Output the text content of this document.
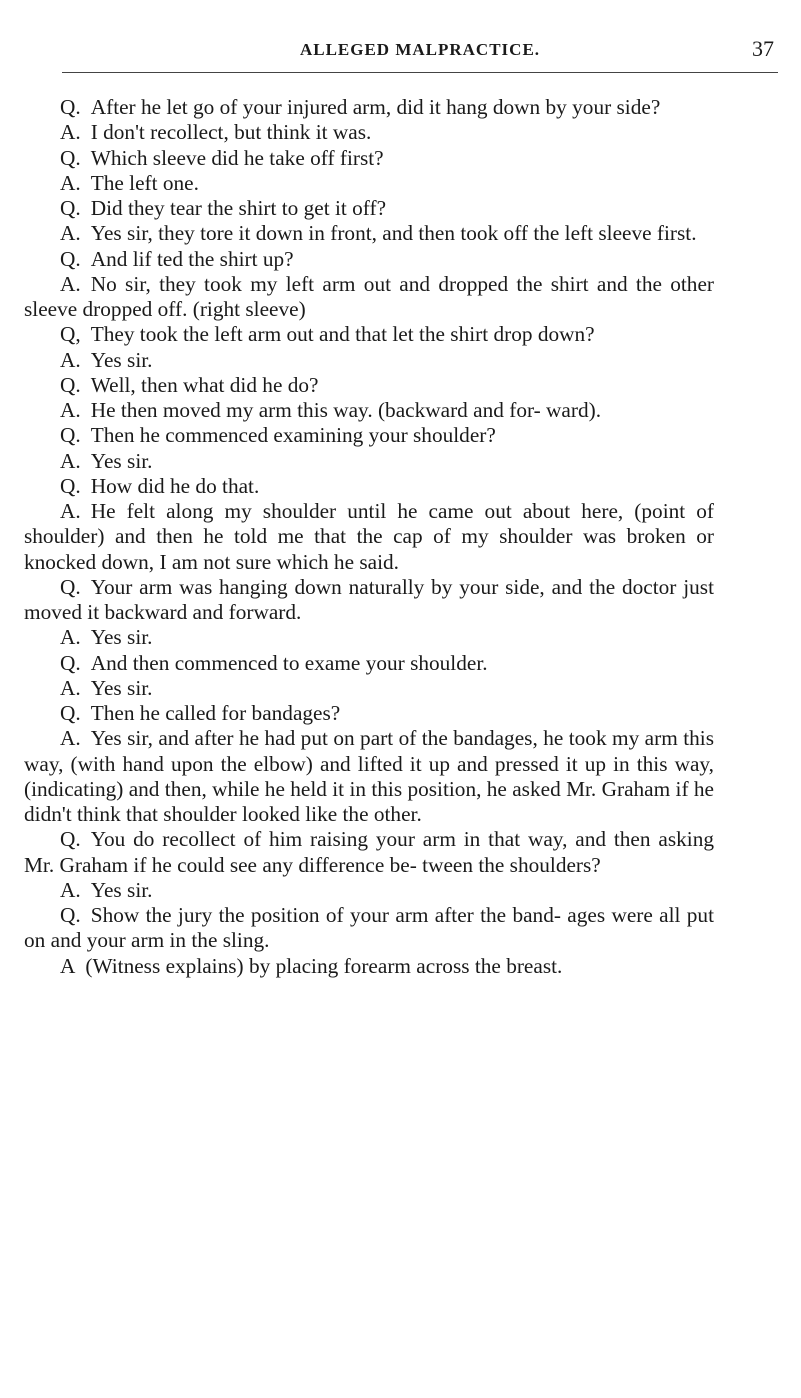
ALLEGED MALPRACTICE.	37

Q. After he let go of your injured arm, did it hang down by your side?

A. I don't recollect, but think it was.

Q. Which sleeve did he take off first?

A. The left one.

Q. Did they tear the shirt to get it off?

A. Yes sir, they tore it down in front, and then took off the left sleeve first.

Q. And lif ted the shirt up?

A. No sir, they took my left arm out and dropped the shirt and the other sleeve dropped off. (right sleeve)

Q, They took the left arm out and that let the shirt drop down?

A. Yes sir.

Q. Well, then what did he do?

A. He then moved my arm this way. (backward and for- ward).

Q. Then he commenced examining your shoulder?

A. Yes sir.

Q. How did he do that.

A. He felt along my shoulder until he came out about here, (point of shoulder) and then he told me that the cap of my shoulder was broken or knocked down, I am not sure which he said.

Q. Your arm was hanging down naturally by your side, and the doctor just moved it backward and forward.

A. Yes sir.

Q. And then commenced to exame your shoulder.

A. Yes sir.

Q. Then he called for bandages?

A. Yes sir, and after he had put on part of the bandages, he took my arm this way, (with hand upon the elbow) and lifted it up and pressed it up in this way, (indicating) and then, while he held it in this position, he asked Mr. Graham if he didn't think that shoulder looked like the other.

Q. You do recollect of him raising your arm in that way, and then asking Mr. Graham if he could see any difference be- tween the shoulders?

A. Yes sir.

Q. Show the jury the position of your arm after the band- ages were all put on and your arm in the sling.

A (Witness explains) by placing forearm across the breast.
